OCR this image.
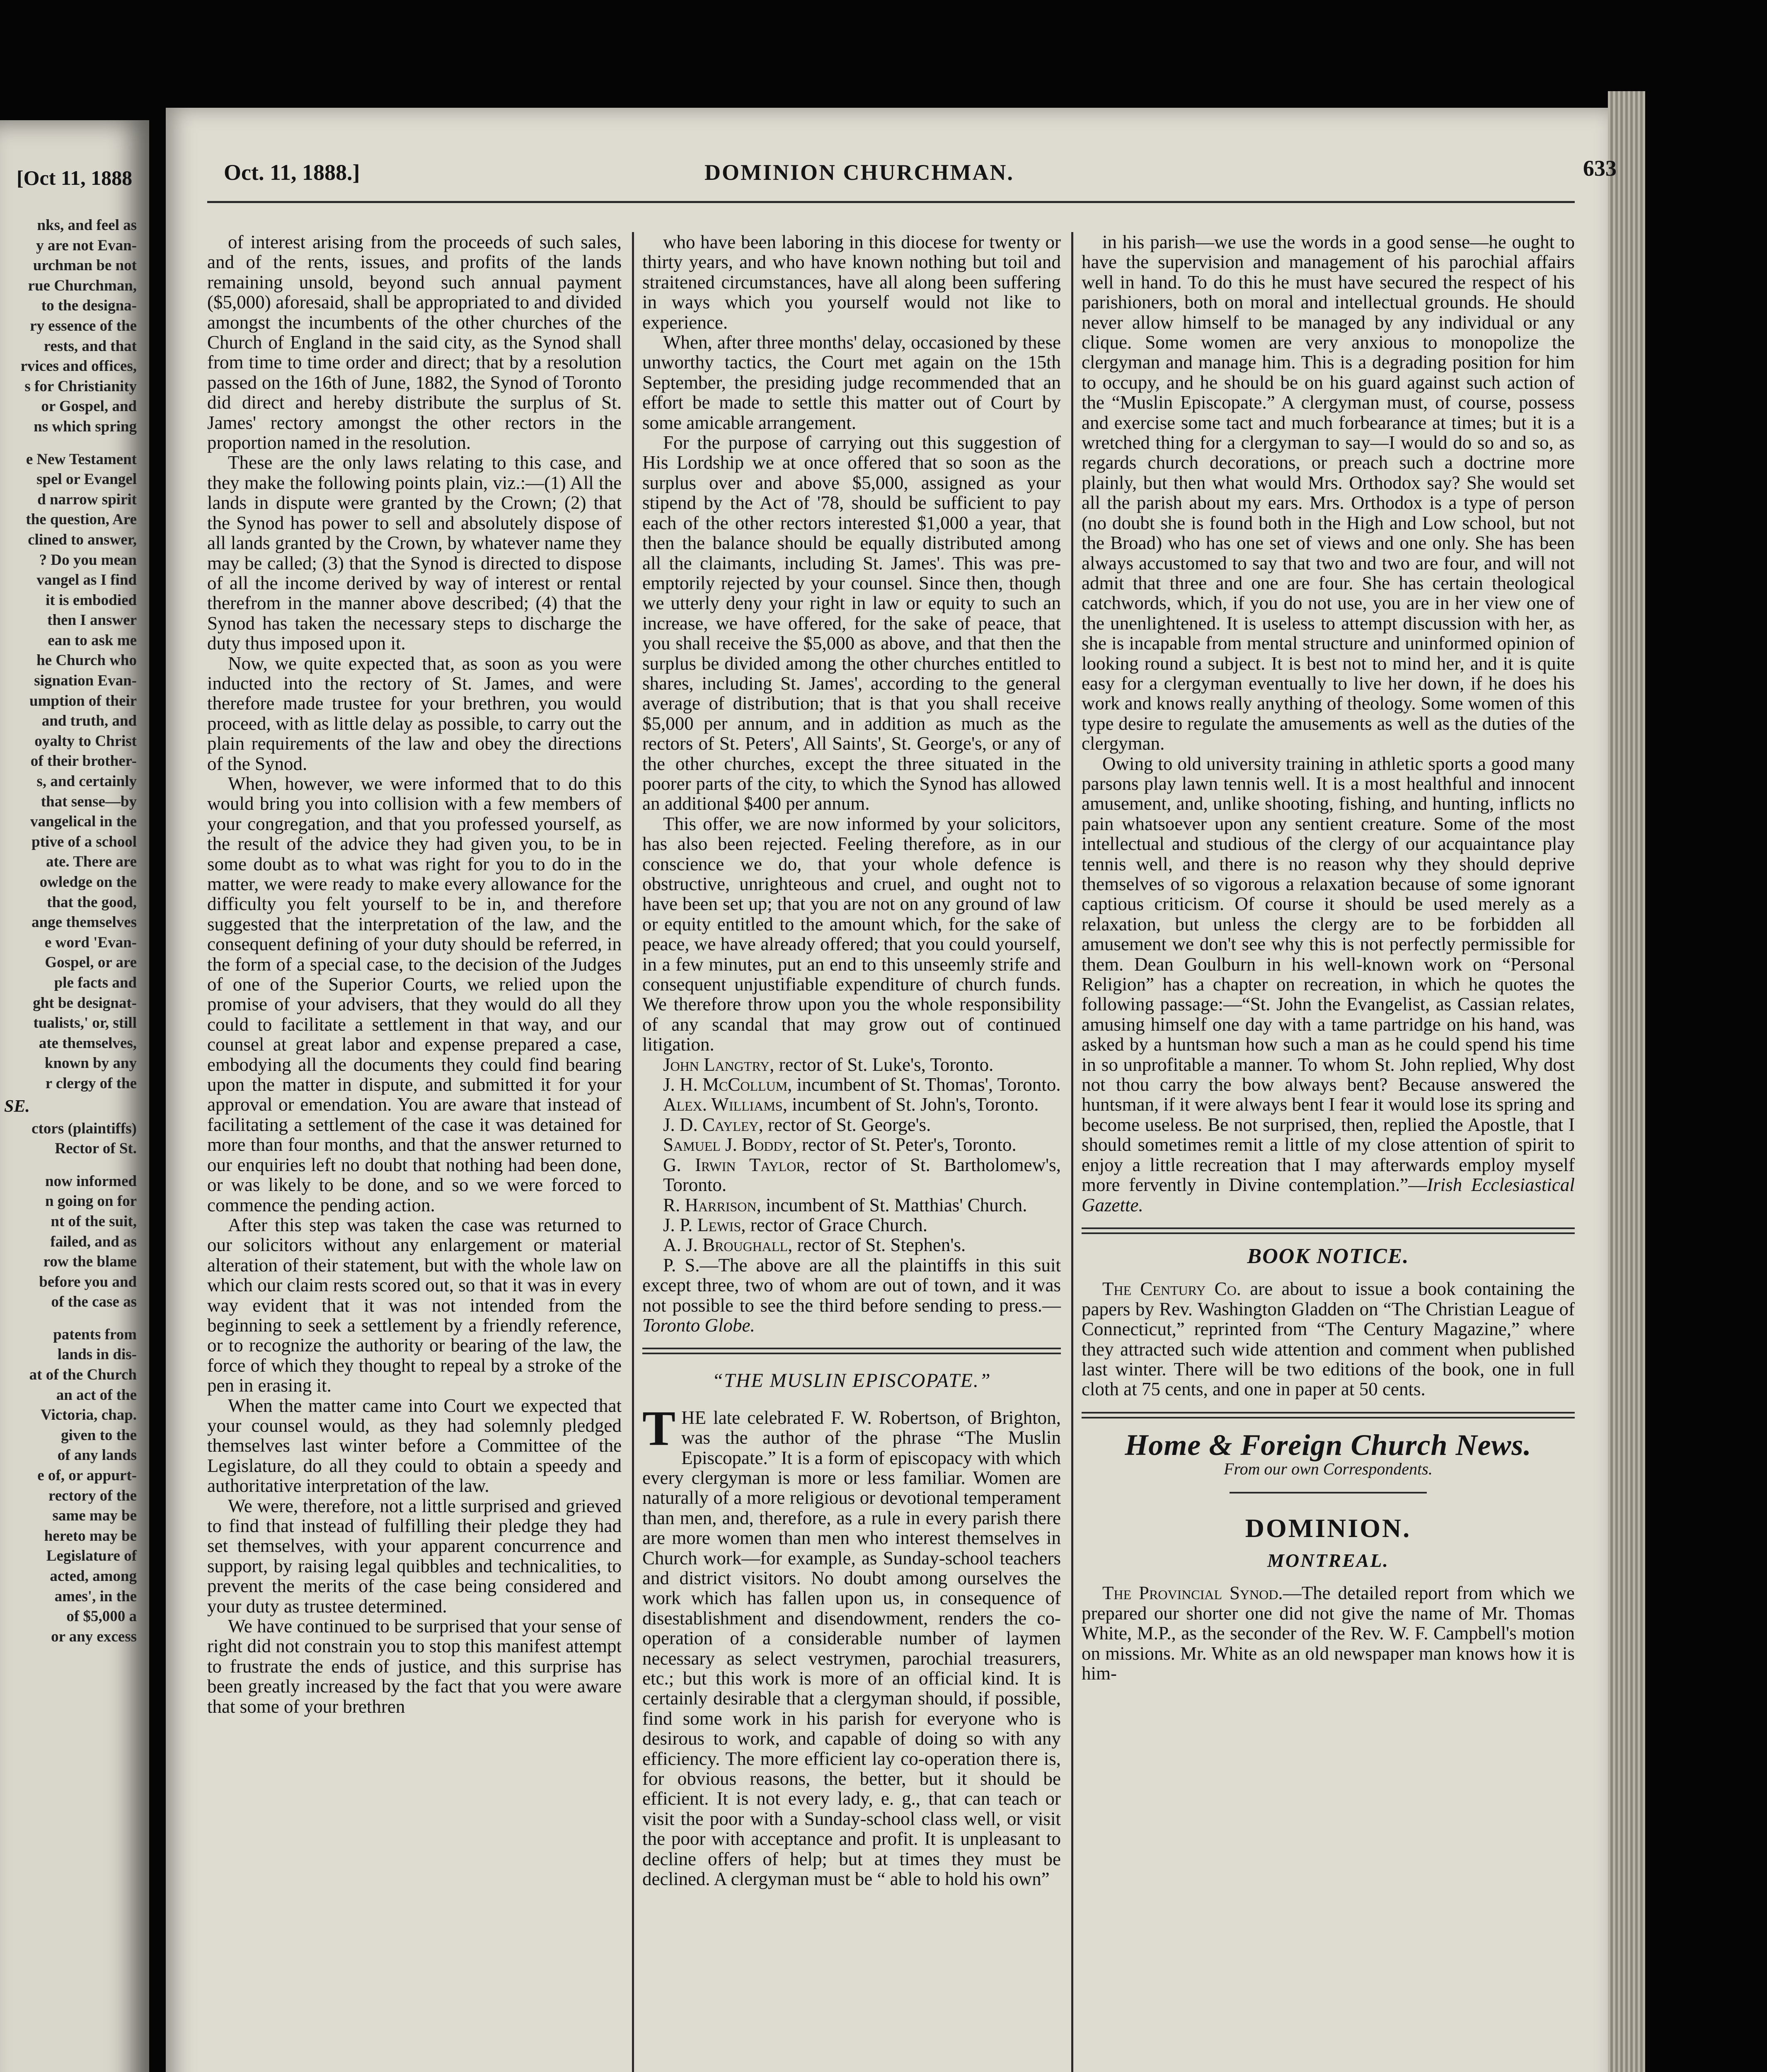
[Oct 11, 1888
nks, and feel as
y are not Evan-
urchman be not
rue Churchman,
to the designa-
ry essence of the
rests, and that
rvices and offices,
s for Christianity
or Gospel, and
ns which spring
e New Testament
spel or Evangel
d narrow spirit
the question, Are
clined to answer,
? Do you mean
vangel as I find
it is embodied
then I answer
ean to ask me
he Church who
signation Evan-
umption of their
and truth, and
oyalty to Christ
of their brother-
s, and certainly
that sense—by
vangelical in the
ptive of a school
ate. There are
owledge on the
that the good,
ange themselves
e word 'Evan-
Gospel, or are
ple facts and
ght be designat-
tualists,' or, still
ate themselves,
known by any
r clergy of the
SE.
ctors (plaintiffs)
Rector of St.
now informed
n going on for
nt of the suit,
failed, and as
row the blame
before you and
of the case as
patents from
lands in dis-
at of the Church
an act of the
Victoria, chap.
given to the
of any lands
e of, or appurt-
rectory of the
same may be
hereto may be
Legislature of
acted, among
ames', in the
of $5,000 a
or any excess
Oct. 11, 1888.]	DOMINION CHURCHMAN.	633

of interest arising from the proceeds of such sales, and of the rents, issues, and profits of the lands remaining unsold, beyond such annual payment ($5,000) aforesaid, shall be appropriated to and divided amongst the incumbents of the other churches of the Church of England in the said city, as the Synod shall from time to time order and direct; that by a resolution passed on the 16th of June, 1882, the Synod of Toronto did direct and hereby distribute the surplus of St. James' rectory amongst the other rectors in the proportion named in the resolution.

These are the only laws relating to this case, and they make the following points plain, viz.:—(1) All the lands in dispute were granted by the Crown; (2) that the Synod has power to sell and absolutely dispose of all lands granted by the Crown, by whatever name they may be called; (3) that the Synod is directed to dispose of all the income derived by way of interest or rental therefrom in the manner above described; (4) that the Synod has taken the necessary steps to discharge the duty thus imposed upon it.

Now, we quite expected that, as soon as you were inducted into the rectory of St. James, and were therefore made trustee for your brethren, you would proceed, with as little delay as possible, to carry out the plain requirements of the law and obey the directions of the Synod.

When, however, we were informed that to do this would bring you into collision with a few members of your congregation, and that you professed yourself, as the result of the advice they had given you, to be in some doubt as to what was right for you to do in the matter, we were ready to make every allowance for the difficulty you felt yourself to be in, and therefore suggested that the interpretation of the law, and the consequent defining of your duty should be referred, in the form of a special case, to the decision of the Judges of one of the Superior Courts, we relied upon the promise of your advisers, that they would do all they could to facilitate a settlement in that way, and our counsel at great labor and expense prepared a case, embodying all the documents they could find bearing upon the matter in dispute, and submitted it for your approval or emendation. You are aware that instead of facilitating a settlement of the case it was detained for more than four months, and that the answer returned to our enquiries left no doubt that nothing had been done, or was likely to be done, and so we were forced to commence the pending action.

After this step was taken the case was returned to our solicitors without any enlargement or material alteration of their statement, but with the whole law on which our claim rests scored out, so that it was in every way evident that it was not intended from the beginning to seek a settlement by a friendly reference, or to recognize the authority or bearing of the law, the force of which they thought to repeal by a stroke of the pen in erasing it.

When the matter came into Court we expected that your counsel would, as they had solemnly pledged themselves last winter before a Committee of the Legislature, do all they could to obtain a speedy and authoritative interpretation of the law.

We were, therefore, not a little surprised and grieved to find that instead of fulfilling their pledge they had set themselves, with your apparent concurrence and support, by raising legal quibbles and technicalities, to prevent the merits of the case being considered and your duty as trustee determined.

We have continued to be surprised that your sense of right did not constrain you to stop this manifest attempt to frustrate the ends of justice, and this surprise has been greatly increased by the fact that you were aware that some of your brethren

who have been laboring in this diocese for twenty or thirty years, and who have known nothing but toil and straitened circumstances, have all along been suffering in ways which you yourself would not like to experience.

When, after three months' delay, occasioned by these unworthy tactics, the Court met again on the 15th September, the presiding judge recommended that an effort be made to settle this matter out of Court by some amicable arrangement.

For the purpose of carrying out this suggestion of His Lordship we at once offered that so soon as the surplus over and above $5,000, assigned as your stipend by the Act of '78, should be sufficient to pay each of the other rectors interested $1,000 a year, that then the balance should be equally distributed among all the claimants, including St. James'. This was pre-emptorily rejected by your counsel. Since then, though we utterly deny your right in law or equity to such an increase, we have offered, for the sake of peace, that you shall receive the $5,000 as above, and that then the surplus be divided among the other churches entitled to shares, including St. James', according to the general average of distribution; that is that you shall receive $5,000 per annum, and in addition as much as the rectors of St. Peters', All Saints', St. George's, or any of the other churches, except the three situated in the poorer parts of the city, to which the Synod has allowed an additional $400 per annum.

This offer, we are now informed by your solicitors, has also been rejected. Feeling therefore, as in our conscience we do, that your whole defence is obstructive, unrighteous and cruel, and ought not to have been set up; that you are not on any ground of law or equity entitled to the amount which, for the sake of peace, we have already offered; that you could yourself, in a few minutes, put an end to this unseemly strife and consequent unjustifiable expenditure of church funds. We therefore throw upon you the whole responsibility of any scandal that may grow out of continued litigation.

John Langtry, rector of St. Luke's, Toronto.

J. H. McCollum, incumbent of St. Thomas', Toronto.

Alex. Williams, incumbent of St. John's, Toronto.

J. D. Cayley, rector of St. George's.

Samuel J. Boddy, rector of St. Peter's, Toronto.

G. Irwin Taylor, rector of St. Bartholomew's, Toronto.

R. Harrison, incumbent of St. Matthias' Church.

J. P. Lewis, rector of Grace Church.

A. J. Broughall, rector of St. Stephen's.

P. S.—The above are all the plaintiffs in this suit except three, two of whom are out of town, and it was not possible to see the third before sending to press.—Toronto Globe.

“THE MUSLIN EPISCOPATE.”

THE late celebrated F. W. Robertson, of Brighton, was the author of the phrase “The Muslin Episcopate.” It is a form of episcopacy with which every clergyman is more or less familiar. Women are naturally of a more religious or devotional temperament than men, and, therefore, as a rule in every parish there are more women than men who interest themselves in Church work—for example, as Sunday-school teachers and district visitors. No doubt among ourselves the work which has fallen upon us, in consequence of disestablishment and disendowment, renders the co-operation of a considerable number of laymen necessary as select vestrymen, parochial treasurers, etc.; but this work is more of an official kind. It is certainly desirable that a clergyman should, if possible, find some work in his parish for everyone who is desirous to work, and capable of doing so with any efficiency. The more efficient lay co-operation there is, for obvious reasons, the better, but it should be efficient. It is not every lady, e. g., that can teach or visit the poor with a Sunday-school class well, or visit the poor with acceptance and profit. It is unpleasant to decline offers of help; but at times they must be declined. A clergyman must be “ able to hold his own”

in his parish—we use the words in a good sense—he ought to have the supervision and management of his parochial affairs well in hand. To do this he must have secured the respect of his parishioners, both on moral and intellectual grounds. He should never allow himself to be managed by any individual or any clique. Some women are very anxious to monopolize the clergyman and manage him. This is a degrading position for him to occupy, and he should be on his guard against such action of the “Muslin Episcopate.” A clergyman must, of course, possess and exercise some tact and much forbearance at times; but it is a wretched thing for a clergyman to say—I would do so and so, as regards church decorations, or preach such a doctrine more plainly, but then what would Mrs. Orthodox say? She would set all the parish about my ears. Mrs. Orthodox is a type of person (no doubt she is found both in the High and Low school, but not the Broad) who has one set of views and one only. She has been always accustomed to say that two and two are four, and will not admit that three and one are four. She has certain theological catchwords, which, if you do not use, you are in her view one of the unenlightened. It is useless to attempt discussion with her, as she is incapable from mental structure and uninformed opinion of looking round a subject. It is best not to mind her, and it is quite easy for a clergyman eventually to live her down, if he does his work and knows really anything of theology. Some women of this type desire to regulate the amusements as well as the duties of the clergyman.

Owing to old university training in athletic sports a good many parsons play lawn tennis well. It is a most healthful and innocent amusement, and, unlike shooting, fishing, and hunting, inflicts no pain whatsoever upon any sentient creature. Some of the most intellectual and studious of the clergy of our acquaintance play tennis well, and there is no reason why they should deprive themselves of so vigorous a relaxation because of some ignorant captious criticism. Of course it should be used merely as a relaxation, but unless the clergy are to be forbidden all amusement we don't see why this is not perfectly permissible for them. Dean Goulburn in his well-known work on “Personal Religion” has a chapter on recreation, in which he quotes the following passage:—“St. John the Evangelist, as Cassian relates, amusing himself one day with a tame partridge on his hand, was asked by a huntsman how such a man as he could spend his time in so unprofitable a manner. To whom St. John replied, Why dost not thou carry the bow always bent? Because answered the huntsman, if it were always bent I fear it would lose its spring and become useless. Be not surprised, then, replied the Apostle, that I should sometimes remit a little of my close attention of spirit to enjoy a little recreation that I may afterwards employ myself more fervently in Divine contemplation.”—Irish Ecclesiastical Gazette.

BOOK NOTICE.

The Century Co. are about to issue a book containing the papers by Rev. Washington Gladden on “The Christian League of Connecticut,” reprinted from “The Century Magazine,” where they attracted such wide attention and comment when published last winter. There will be two editions of the book, one in full cloth at 75 cents, and one in paper at 50 cents.

Home & Foreign Church News.
From our own Correspondents.
DOMINION.
MONTREAL.

The Provincial Synod.—The detailed report from which we prepared our shorter one did not give the name of Mr. Thomas White, M.P., as the seconder of the Rev. W. F. Campbell's motion on missions. Mr. White as an old newspaper man knows how it is him-
